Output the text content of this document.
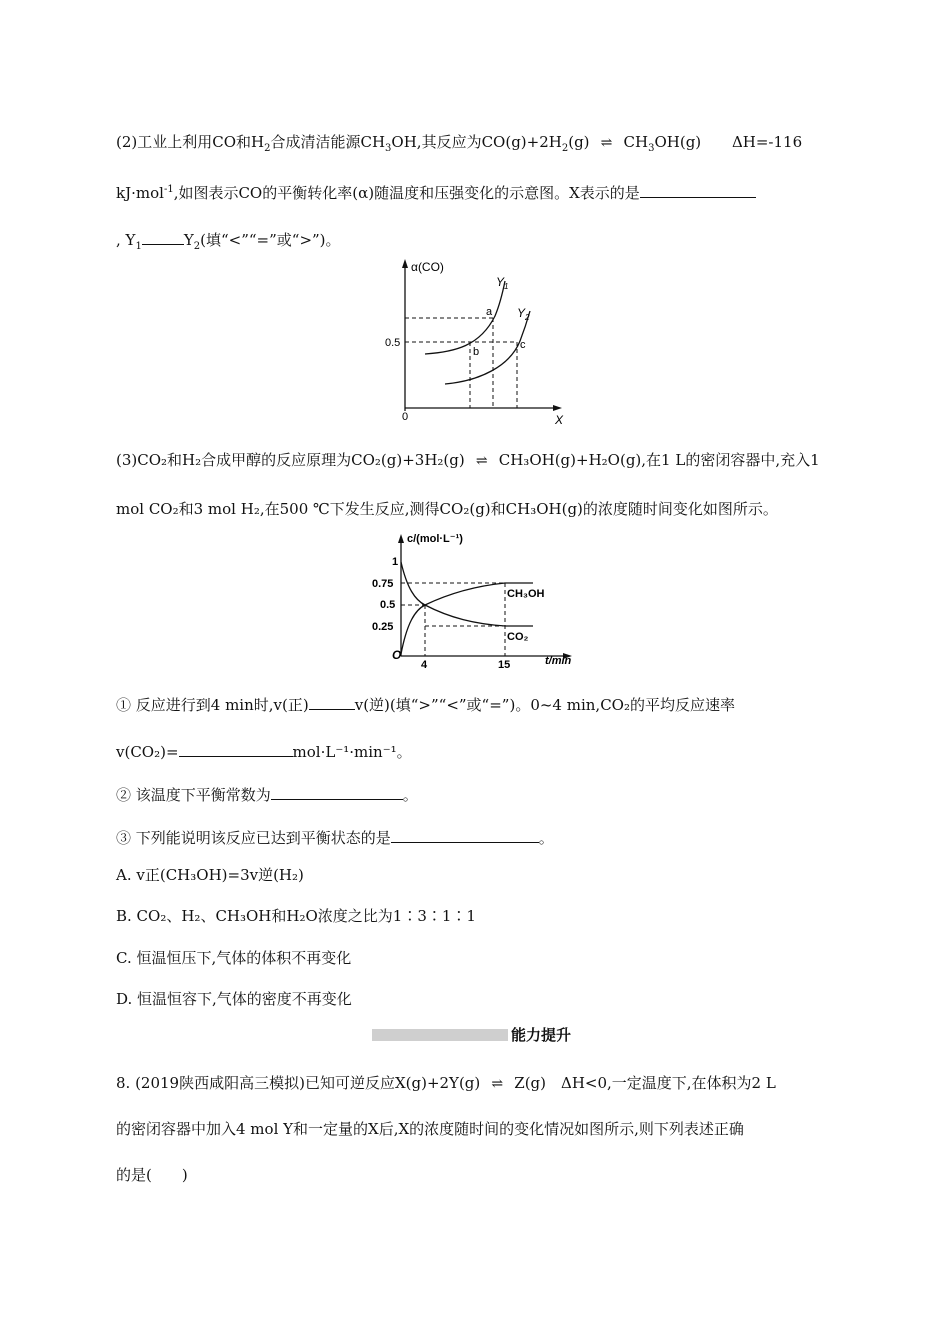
(2)工业上利用CO和$H_2$合成清洁能源$CH_3OH$,其反应为$CO(g)+2H_2(g)$ ⇌ $CH_3OH(g)$ ΔH=-116
kJ·mol$^{-1}$,如图表示CO的平衡转化率(α)随温度和压强变化的示意图。X表示的是
, $Y_1$	$Y_2$(填“<”“=”或“>”)。
α(CO)
X
0
0.5
$Y_1$
$Y_2$
a
b
c
(3)CO₂和H₂合成甲醇的反应原理为CO₂(g)+3H₂(g) ⇌ CH₃OH(g)+H₂O(g),在1 L的密闭容器中,充入1
mol CO₂和3 mol H₂,在500 ℃下发生反应,测得CO₂(g)和CH₃OH(g)的浓度随时间变化如图所示。
c/(mol·L⁻¹)
t/min
O
1
0.75
0.5
0.25
4	15
CH₃OH
CO₂
① 反应进行到4 min时,v(正)	v(逆)(填“>”“<”或“=”)。0~4 min,CO₂的平均反应速率
v(CO₂)=	mol·L⁻¹·min⁻¹。
② 该温度下平衡常数为	。
③ 下列能说明该反应已达到平衡状态的是	。
A. v正(CH₃OH)=3v逆(H₂)
B. CO₂、H₂、CH₃OH和H₂O浓度之比为1∶3∶1∶1
C. 恒温恒压下,气体的体积不再变化
D. 恒温恒容下,气体的密度不再变化
能力提升
8. (2019陕西咸阳高三模拟)已知可逆反应X(g)+2Y(g) ⇌ Z(g)　ΔH<0,一定温度下,在体积为2 L
的密闭容器中加入4 mol Y和一定量的X后,X的浓度随时间的变化情况如图所示,则下列表述正确
的是(　　)
